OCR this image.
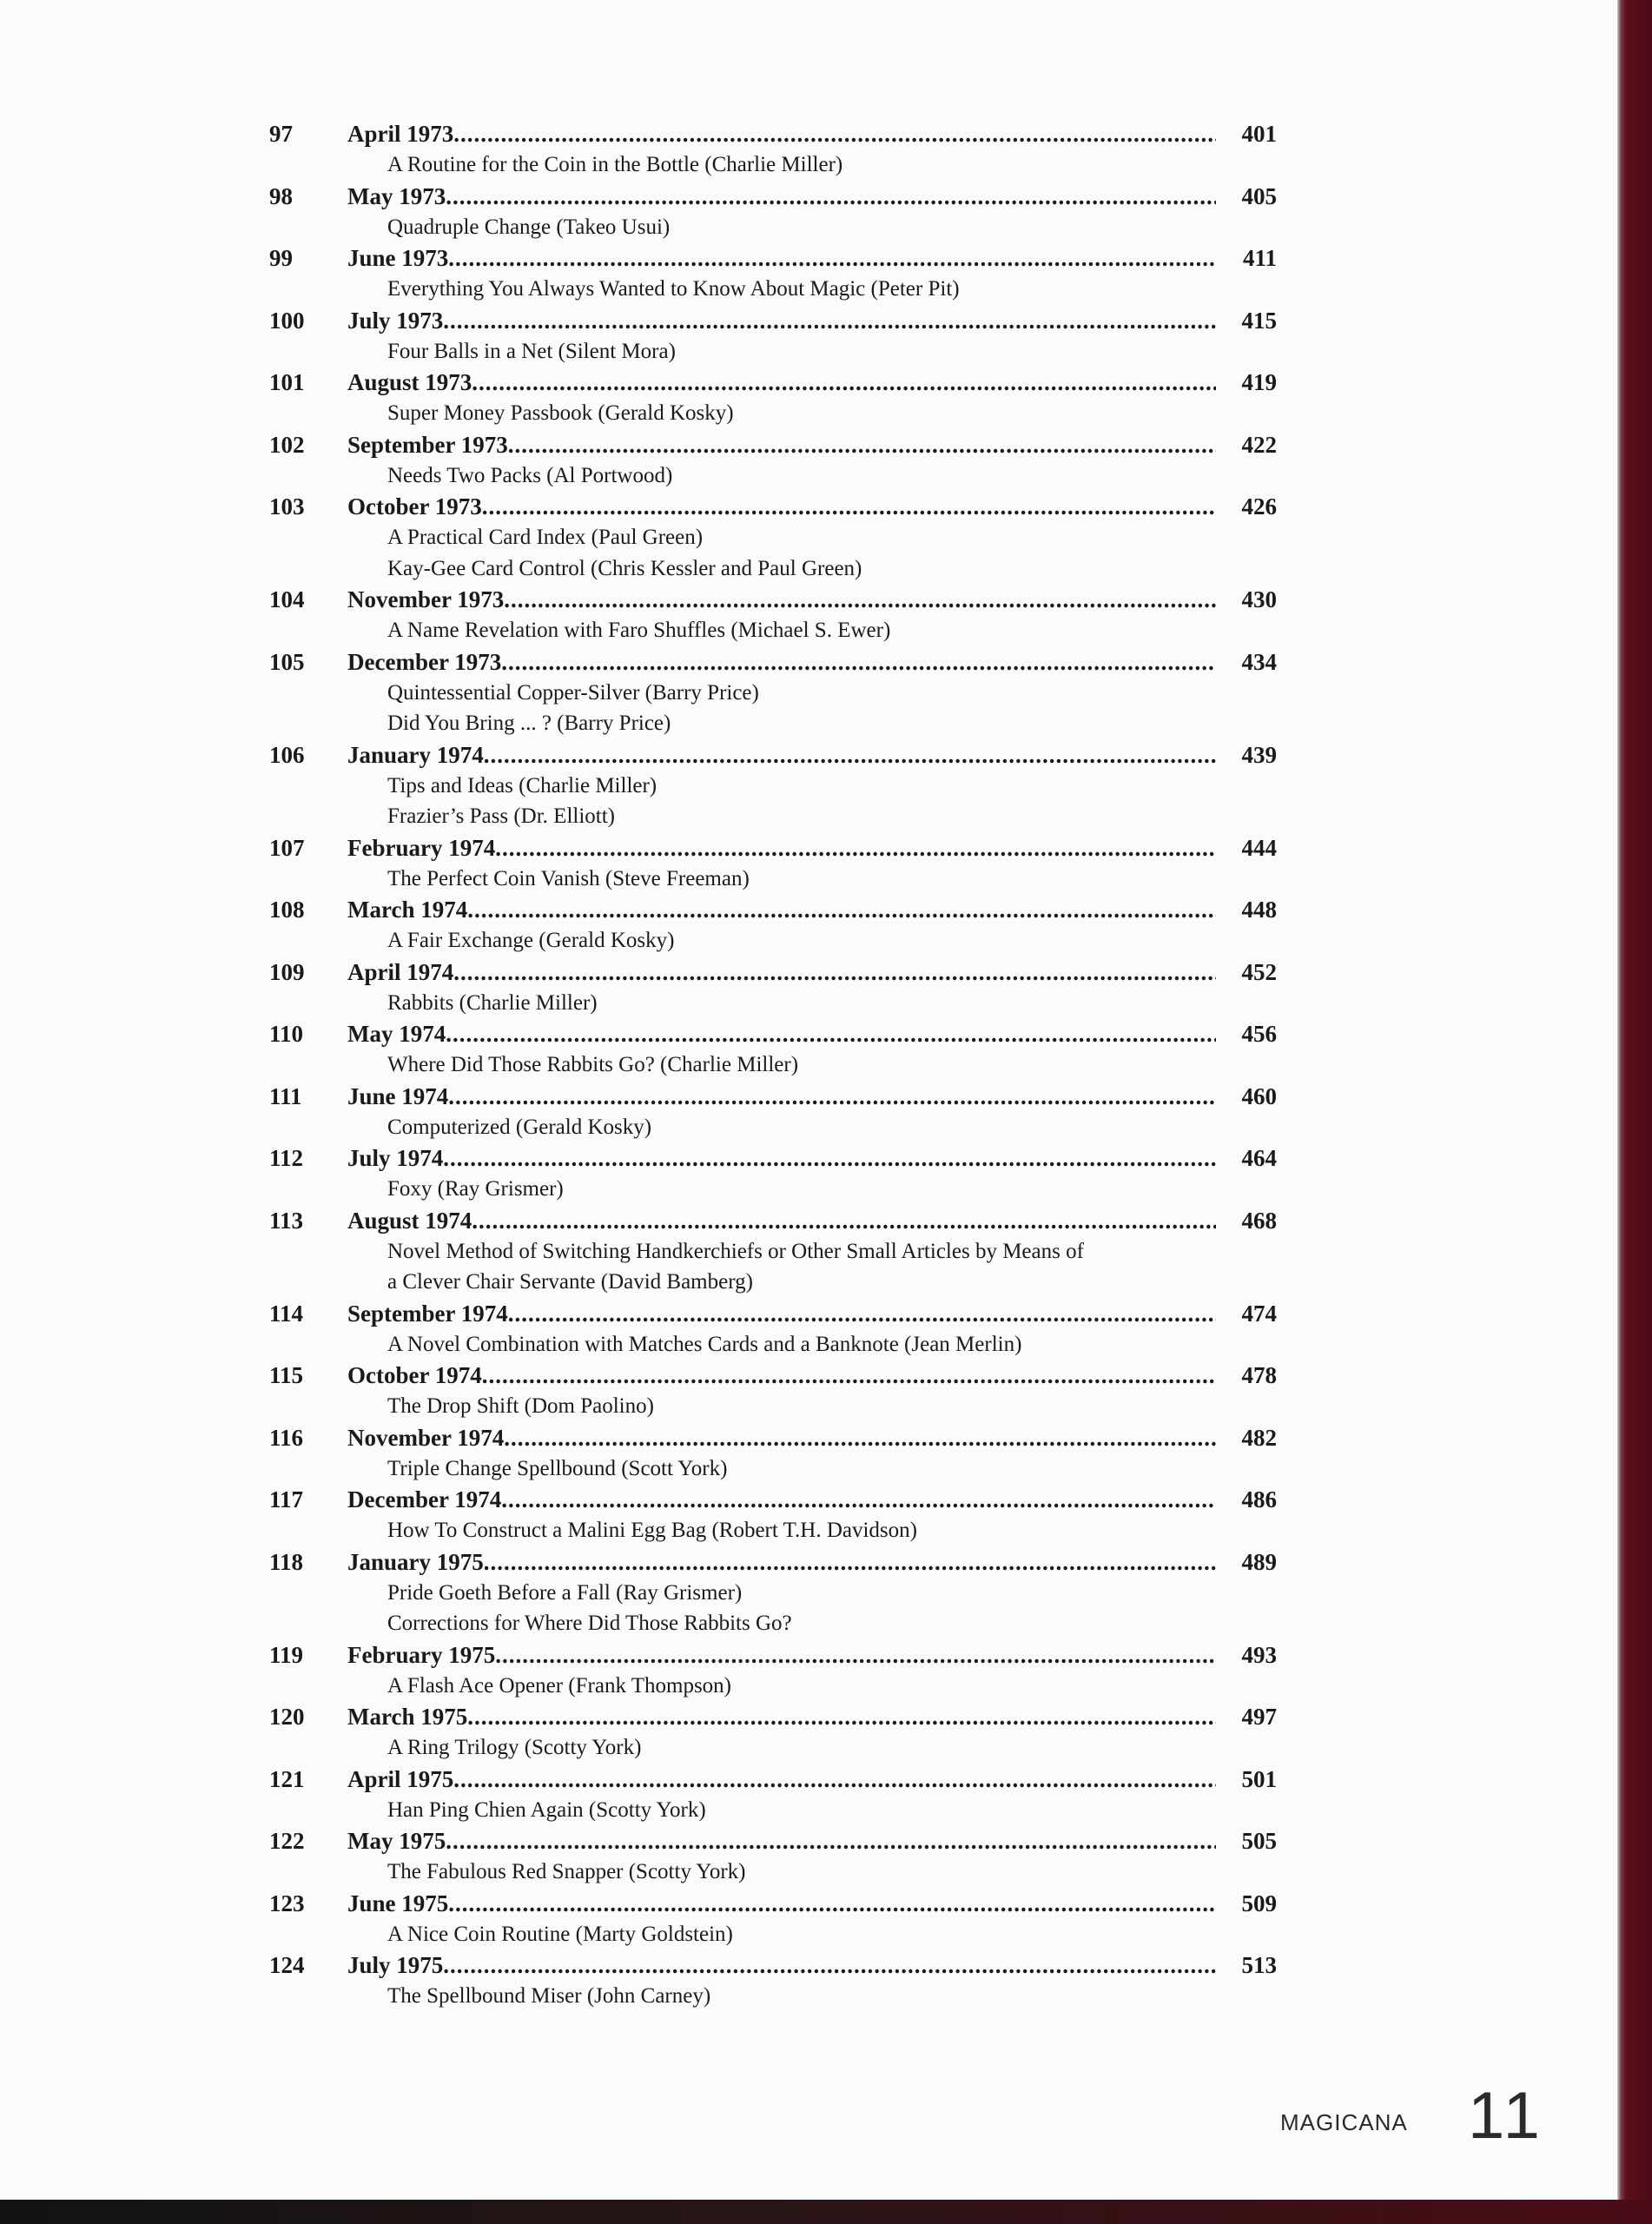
97	April 1973 .....	401
A Routine for the Coin in the Bottle (Charlie Miller)
98	May 1973 .....	405
Quadruple Change (Takeo Usui)
99	June 1973 .....	411
Everything You Always Wanted to Know About Magic (Peter Pit)
100	July 1973 .....	415
Four Balls in a Net (Silent Mora)
101	August 1973 .....	419
Super Money Passbook (Gerald Kosky)
102	September 1973 .....	422
Needs Two Packs (Al Portwood)
103	October 1973 .....	426
A Practical Card Index (Paul Green)
Kay-Gee Card Control (Chris Kessler and Paul Green)
104	November 1973 .....	430
A Name Revelation with Faro Shuffles (Michael S. Ewer)
105	December 1973 .....	434
Quintessential Copper-Silver (Barry Price)
Did You Bring ... ? (Barry Price)
106	January 1974 .....	439
Tips and Ideas (Charlie Miller)
Frazier’s Pass (Dr. Elliott)
107	February 1974 .....	444
The Perfect Coin Vanish (Steve Freeman)
108	March 1974 .....	448
A Fair Exchange (Gerald Kosky)
109	April 1974 .....	452
Rabbits (Charlie Miller)
110	May 1974 .....	456
Where Did Those Rabbits Go? (Charlie Miller)
111	June 1974 .....	460
Computerized (Gerald Kosky)
112	July 1974 .....	464
Foxy (Ray Grismer)
113	August 1974 .....	468
Novel Method of Switching Handkerchiefs or Other Small Articles by Means of
a Clever Chair Servante (David Bamberg)
114	September 1974 .....	474
A Novel Combination with Matches Cards and a Banknote (Jean Merlin)
115	October 1974 .....	478
The Drop Shift (Dom Paolino)
116	November 1974 .....	482
Triple Change Spellbound (Scott York)
117	December 1974 .....	486
How To Construct a Malini Egg Bag (Robert T.H. Davidson)
118	January 1975 .....	489
Pride Goeth Before a Fall (Ray Grismer)
Corrections for Where Did Those Rabbits Go?
119	February 1975 .....	493
A Flash Ace Opener (Frank Thompson)
120	March 1975 .....	497
A Ring Trilogy (Scotty York)
121	April 1975 .....	501
Han Ping Chien Again (Scotty York)
122	May 1975 .....	505
The Fabulous Red Snapper (Scotty York)
123	June 1975 .....	509
A Nice Coin Routine (Marty Goldstein)
124	July 1975 .....	513
The Spellbound Miser (John Carney)
MAGICANA 11
